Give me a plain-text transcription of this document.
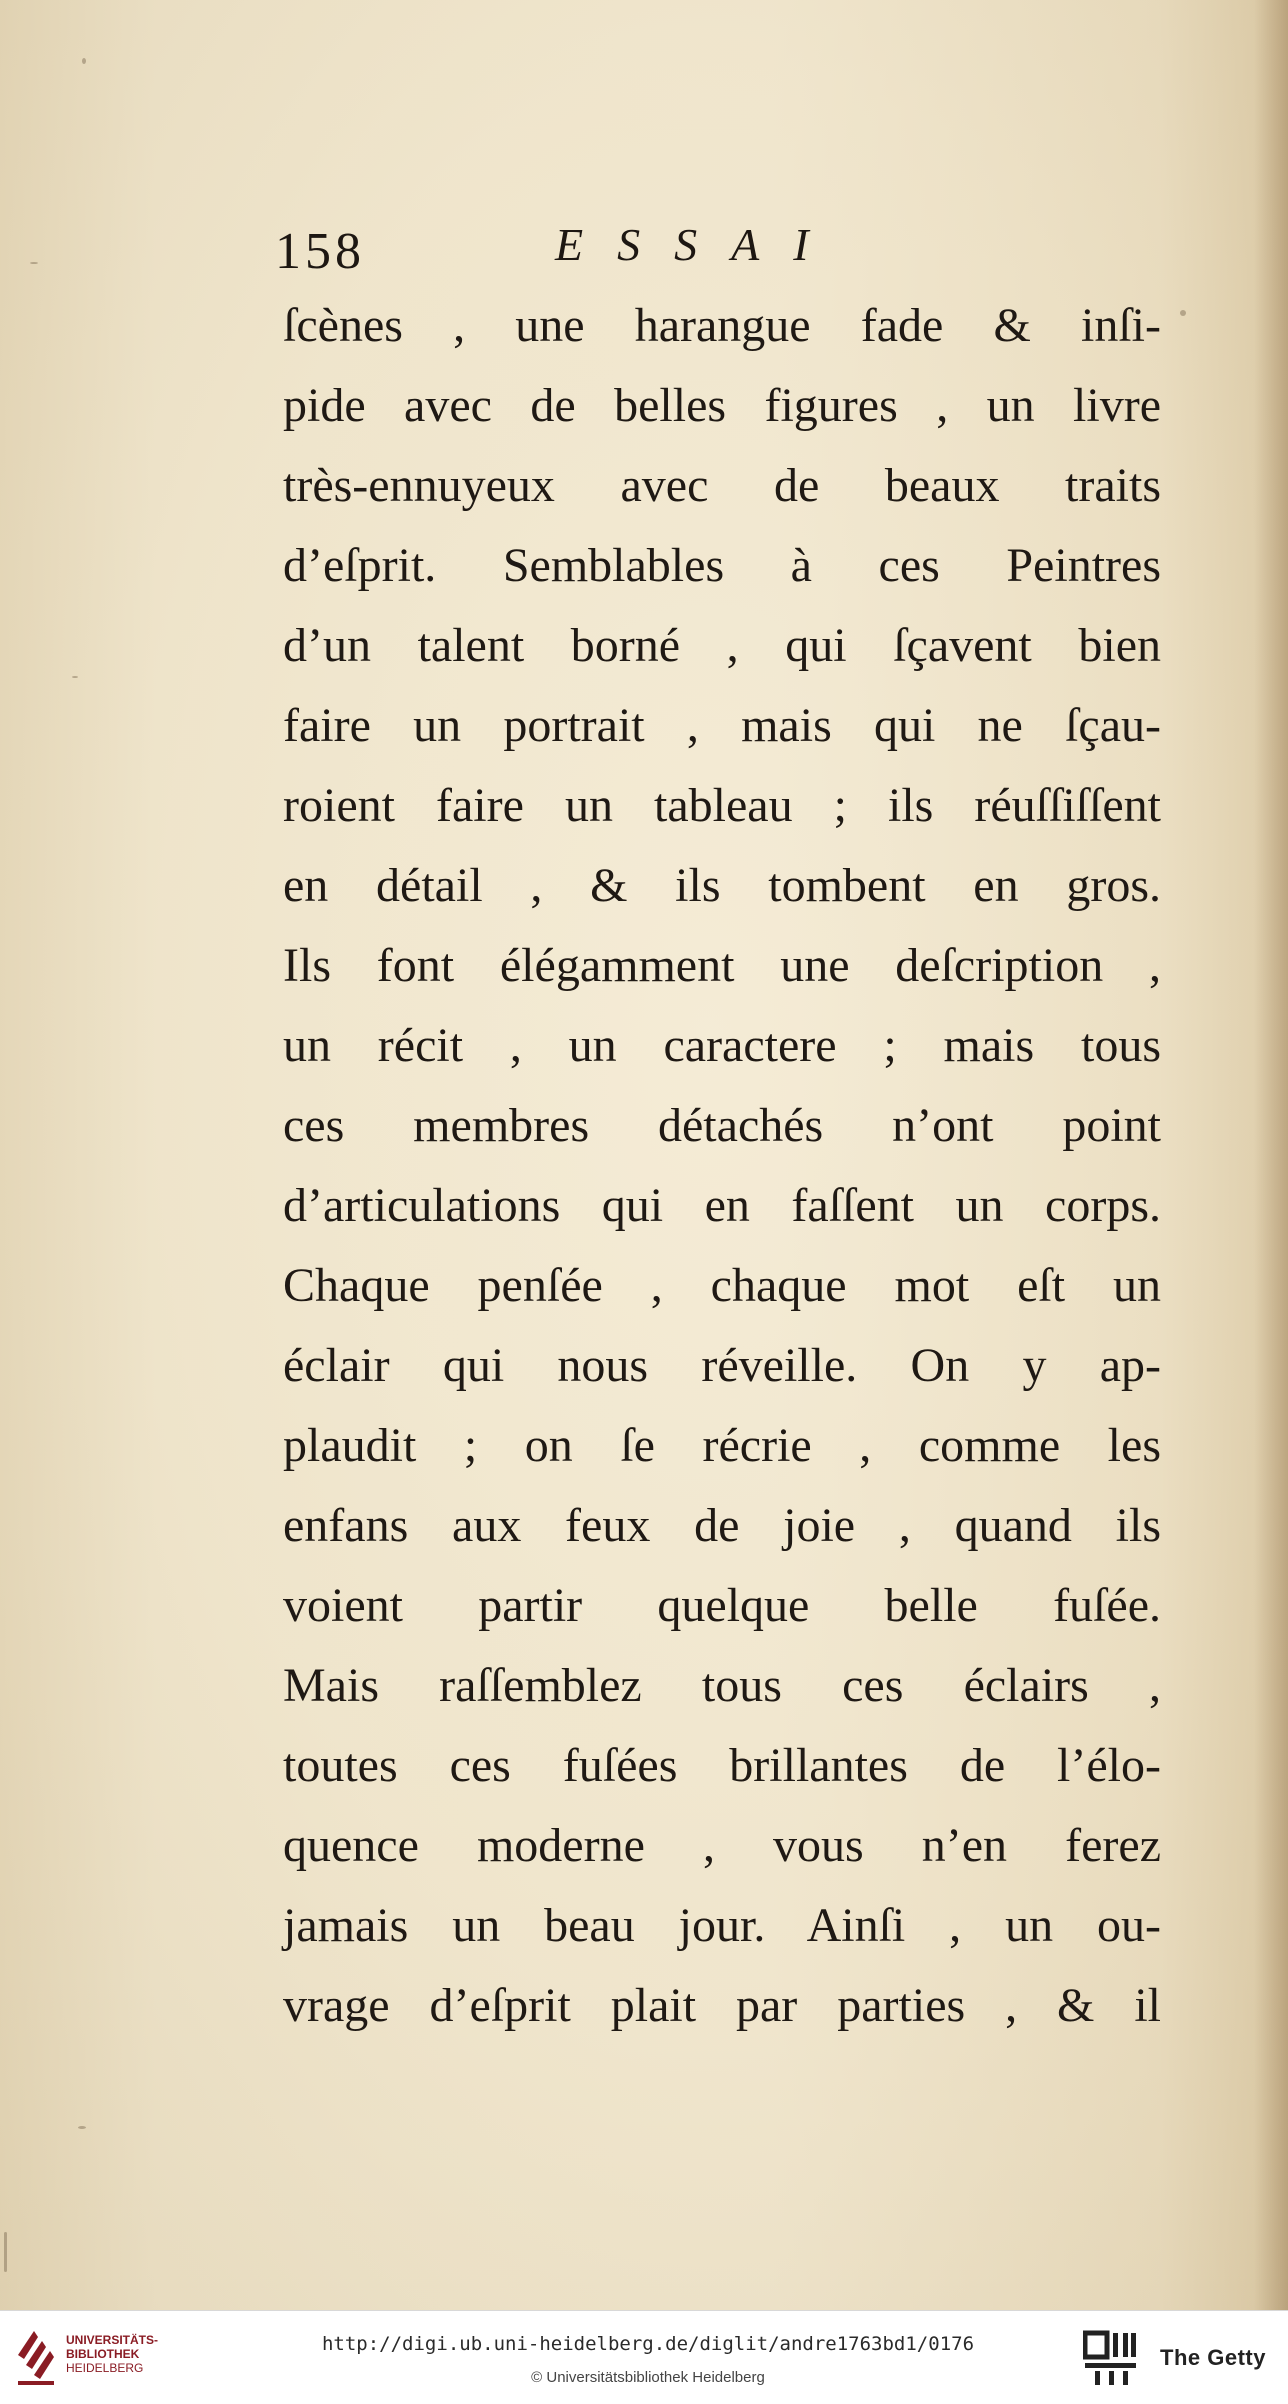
158	ESSAI
ſcènes , une harangue fade & inſi-
pide avec de belles figures , un livre
très-ennuyeux avec de beaux traits
d’eſprit. Semblables à ces Peintres
d’un talent borné , qui ſçavent bien
faire un portrait , mais qui ne ſçau-
roient faire un tableau ; ils réuſſiſſent
en détail , & ils tombent en gros.
Ils font élégamment une deſcription ,
un récit , un caractere ; mais tous
ces membres détachés n’ont point
d’articulations qui en faſſent un corps.
Chaque penſée , chaque mot eſt un
éclair qui nous réveille. On y ap-
plaudit ; on ſe récrie , comme les
enfans aux feux de joie , quand ils
voient partir quelque belle fuſée.
Mais raſſemblez tous ces éclairs ,
toutes ces fuſées brillantes de l’élo-
quence moderne , vous n’en ferez
jamais un beau jour. Ainſi , un ou-
vrage d’eſprit plait par parties , & il
UNIVERSITÄTS-
BIBLIOTHEK
HEIDELBERG
http://digi.ub.uni-heidelberg.de/diglit/andre1763bd1/0176
© Universitätsbibliothek Heidelberg
The Getty
